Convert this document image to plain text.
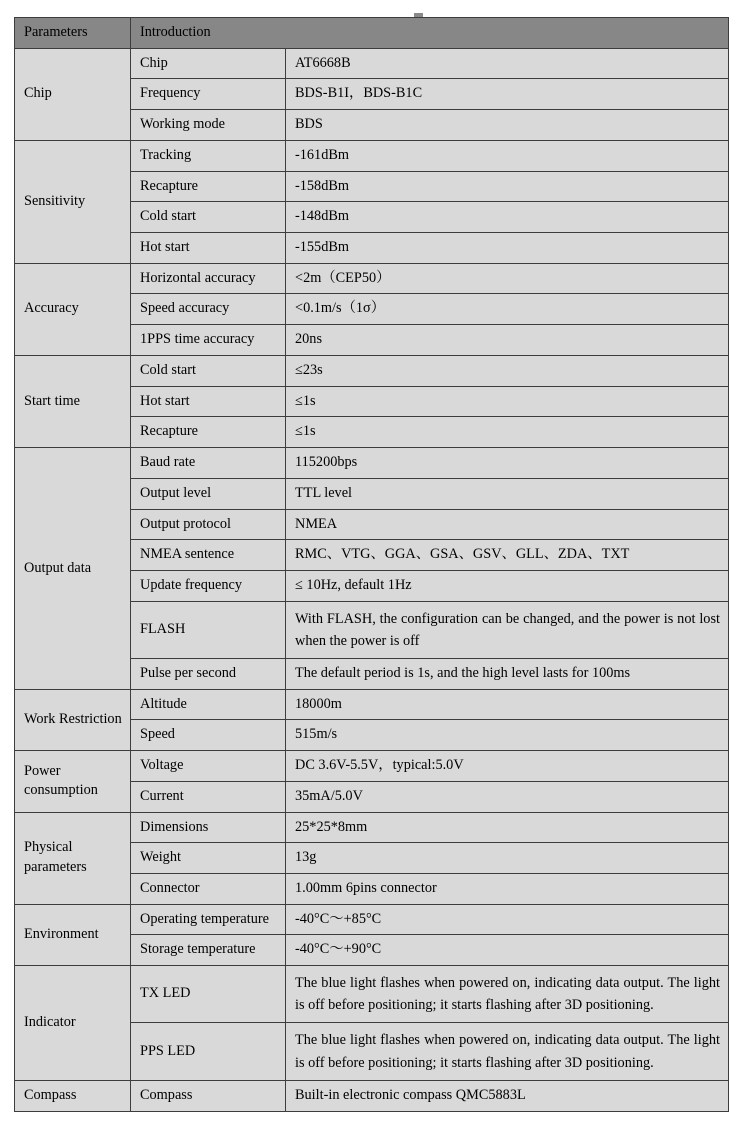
Parameters	Introduction	
Chip	Chip	AT6668B
	Frequency	BDS-B1I，BDS-B1C
	Working mode	BDS
Sensitivity	Tracking	-161dBm
	Recapture	-158dBm
	Cold start	-148dBm
	Hot start	-155dBm
Accuracy	Horizontal accuracy	<2m（CEP50）
	Speed accuracy	<0.1m/s（1σ）
	1PPS time accuracy	20ns
Start time	Cold start	≤23s
	Hot start	≤1s
	Recapture	≤1s
Output data	Baud rate	115200bps
	Output level	TTL level
	Output protocol	NMEA
	NMEA sentence	RMC、VTG、GGA、GSA、GSV、GLL、ZDA、TXT
	Update frequency	≤ 10Hz, default 1Hz
	FLASH	With FLASH, the configuration can be changed, and the power is not lost when the power is off
	Pulse per second	The default period is 1s, and the high level lasts for 100ms
Work Restriction	Altitude	18000m
	Speed	515m/s
Power consumption	Voltage	DC 3.6V-5.5V，typical:5.0V
	Current	35mA/5.0V
Physical parameters	Dimensions	25*25*8mm
	Weight	13g
	Connector	1.00mm 6pins connector
Environment	Operating temperature	-40°C～+85°C
	Storage temperature	-40°C～+90°C
Indicator	TX LED	The blue light flashes when powered on, indicating data output. The light is off before positioning; it starts flashing after 3D positioning.
	PPS LED	The blue light flashes when powered on, indicating data output. The light is off before positioning; it starts flashing after 3D positioning.
Compass	Compass	Built-in electronic compass QMC5883L
